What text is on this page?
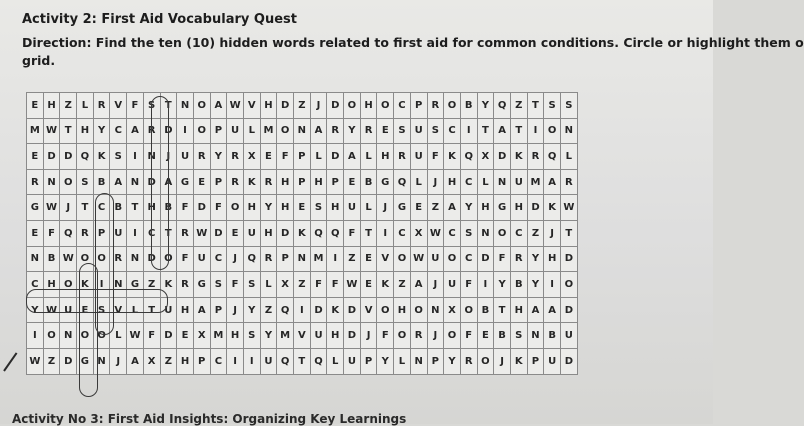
Activity 2: First Aid Vocabulary Quest
Direction: Find the ten (10) hidden words related to first aid for common conditions. Circle or highlight them o
grid.
E	H	Z	L	R	V	F	S	T	N	O	A	W	V	H	D	Z	J	D	O	H	O	C	P	R	O	B	Y	Q	Z	T	S	S
M	W	T	H	Y	C	A	R	D	I	O	P	U	L	M	O	N	A	R	Y	R	E	S	U	S	C	I	T	A	T	I	O	N
E	D	D	Q	K	S	I	N	J	U	R	Y	R	X	E	F	P	L	D	A	L	H	R	U	F	K	Q	X	D	K	R	Q	L
R	N	O	S	B	A	N	D	A	G	E	P	R	K	R	H	P	H	P	E	B	G	Q	L	J	H	C	L	N	U	M	A	R
G	W	J	T	C	B	T	H	B	F	D	F	O	H	Y	H	E	S	H	U	L	J	G	E	Z	A	Y	H	G	H	D	K	W
E	F	Q	R	P	U	I	C	T	R	W	D	E	U	H	D	K	Q	Q	F	T	I	C	X	W	C	S	N	O	C	Z	J	T
N	B	W	O	O	R	N	D	O	F	U	C	J	Q	R	P	N	M	I	Z	E	V	O	W	U	O	C	D	F	R	Y	H	D
C	H	O	K	I	N	G	Z	K	R	G	S	F	S	L	X	Z	F	F	W	E	K	Z	A	J	U	F	I	Y	B	Y	I	O
Y	W	U	E	S	V	L	T	U	H	A	P	J	Y	Z	Q	I	D	K	D	V	O	H	O	N	X	O	B	T	H	A	A	D
I	O	N	O	O	L	W	F	D	E	X	M	H	S	Y	M	V	U	H	D	J	F	O	R	J	O	F	E	B	S	N	B	U
W	Z	D	G	N	J	A	X	Z	H	P	C	I	I	U	Q	T	Q	L	U	P	Y	L	N	P	Y	R	O	J	K	P	U	D
Activity No 3: First Aid Insights: Organizing Key Learnings
